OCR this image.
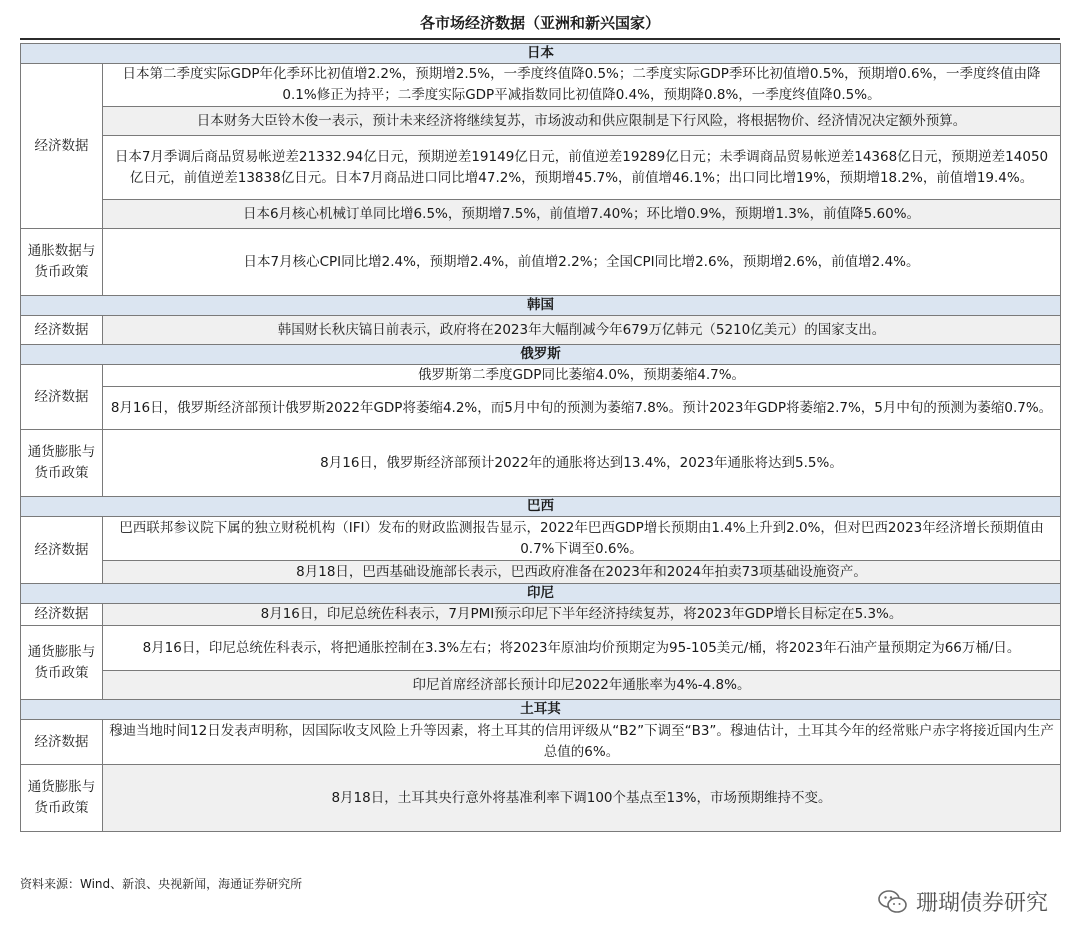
各市场经济数据（亚洲和新兴国家）
日本	
经济数据	日本第二季度实际GDP年化季环比初值增2.2%，预期增2.5%，一季度终值降0.5%；二季度实际GDP季环比初值增0.5%，预期增0.6%，一季度终值由降0.1%修正为持平；二季度实际GDP平减指数同比初值降0.4%，预期降0.8%，一季度终值降0.5%。
	日本财务大臣铃木俊一表示，预计未来经济将继续复苏，市场波动和供应限制是下行风险，将根据物价、经济情况决定额外预算。
	日本7月季调后商品贸易帐逆差21332.94亿日元，预期逆差19149亿日元，前值逆差19289亿日元；未季调商品贸易帐逆差14368亿日元，预期逆差14050亿日元，前值逆差13838亿日元。日本7月商品进口同比增47.2%，预期增45.7%，前值增46.1%；出口同比增19%，预期增18.2%，前值增19.4%。
	日本6月核心机械订单同比增6.5%，预期增7.5%，前值增7.40%；环比增0.9%，预期增1.3%，前值降5.60%。
通胀数据与货币政策	日本7月核心CPI同比增2.4%，预期增2.4%，前值增2.2%；全国CPI同比增2.6%，预期增2.6%，前值增2.4%。
韩国	
经济数据	韩国财长秋庆镐日前表示，政府将在2023年大幅削减今年679万亿韩元（5210亿美元）的国家支出。
俄罗斯	
经济数据	俄罗斯第二季度GDP同比萎缩4.0%，预期萎缩4.7%。
	8月16日，俄罗斯经济部预计俄罗斯2022年GDP将萎缩4.2%，而5月中旬的预测为萎缩7.8%。预计2023年GDP将萎缩2.7%，5月中旬的预测为萎缩0.7%。
通货膨胀与货币政策	8月16日，俄罗斯经济部预计2022年的通胀将达到13.4%，2023年通胀将达到5.5%。
巴西	
经济数据	巴西联邦参议院下属的独立财税机构（IFI）发布的财政监测报告显示，2022年巴西GDP增长预期由1.4%上升到2.0%，但对巴西2023年经济增长预期值由0.7%下调至0.6%。
	8月18日，巴西基础设施部长表示，巴西政府准备在2023年和2024年拍卖73项基础设施资产。
印尼	
经济数据	8月16日，印尼总统佐科表示，7月PMI预示印尼下半年经济持续复苏，将2023年GDP增长目标定在5.3%。
通货膨胀与货币政策	8月16日，印尼总统佐科表示，将把通胀控制在3.3%左右；将2023年原油均价预期定为95-105美元/桶，将2023年石油产量预期定为66万桶/日。
	印尼首席经济部长预计印尼2022年通胀率为4%-4.8%。
土耳其	
经济数据	穆迪当地时间12日发表声明称，因国际收支风险上升等因素，将土耳其的信用评级从“B2”下调至“B3”。穆迪估计，土耳其今年的经常账户赤字将接近国内生产总值的6%。
通货膨胀与货币政策	8月18日，土耳其央行意外将基准利率下调100个基点至13%，市场预期维持不变。
资料来源：Wind、新浪、央视新闻，海通证券研究所
珊瑚债券研究
